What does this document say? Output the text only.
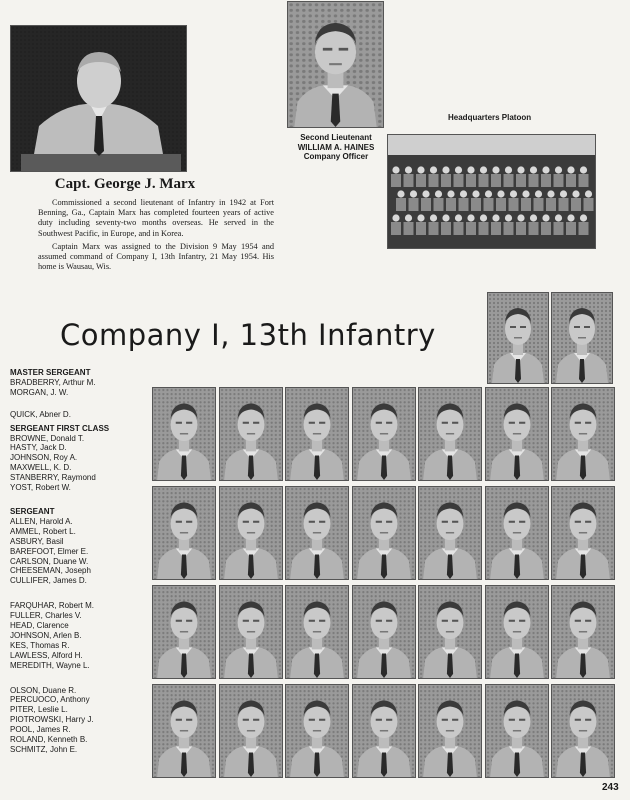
Capt. George J. Marx

Commissioned a second lieutenant of Infantry in 1942 at Fort Benning, Ga., Captain Marx has completed fourteen years of active duty including seventy-two months overseas. He served in the Southwest Pacific, in Europe, and in Korea.

Captain Marx was assigned to the Division 9 May 1954 and assumed command of Company I, 13th Infantry, 21 May 1954. His home is Wausau, Wis.

Second Lieutenant
WILLIAM A. HAINES
Company Officer
Headquarters Platoon
Company I, 13th Infantry
MASTER SERGEANT
BRADBERRY, Arthur M.
MORGAN, J. W.
QUICK, Abner D.
SERGEANT FIRST CLASS
BROWNE, Donald T.
HASTY, Jack D.
JOHNSON, Roy A.
MAXWELL, K. D.
STANBERRY, Raymond
YOST, Robert W.
SERGEANT
ALLEN, Harold A.
AMMEL, Robert L.
ASBURY, Basil
BAREFOOT, Elmer E.
CARLSON, Duane W.
CHEESEMAN, Joseph
CULLIFER, James D.
FARQUHAR, Robert M.
FULLER, Charles V.
HEAD, Clarence
JOHNSON, Arlen B.
KES, Thomas R.
LAWLESS, Alford H.
MEREDITH, Wayne L.
OLSON, Duane R.
PERCUOCO, Anthony
PITER, Leslie L.
PIOTROWSKI, Harry J.
POOL, James R.
ROLAND, Kenneth B.
SCHMITZ, John E.
243
